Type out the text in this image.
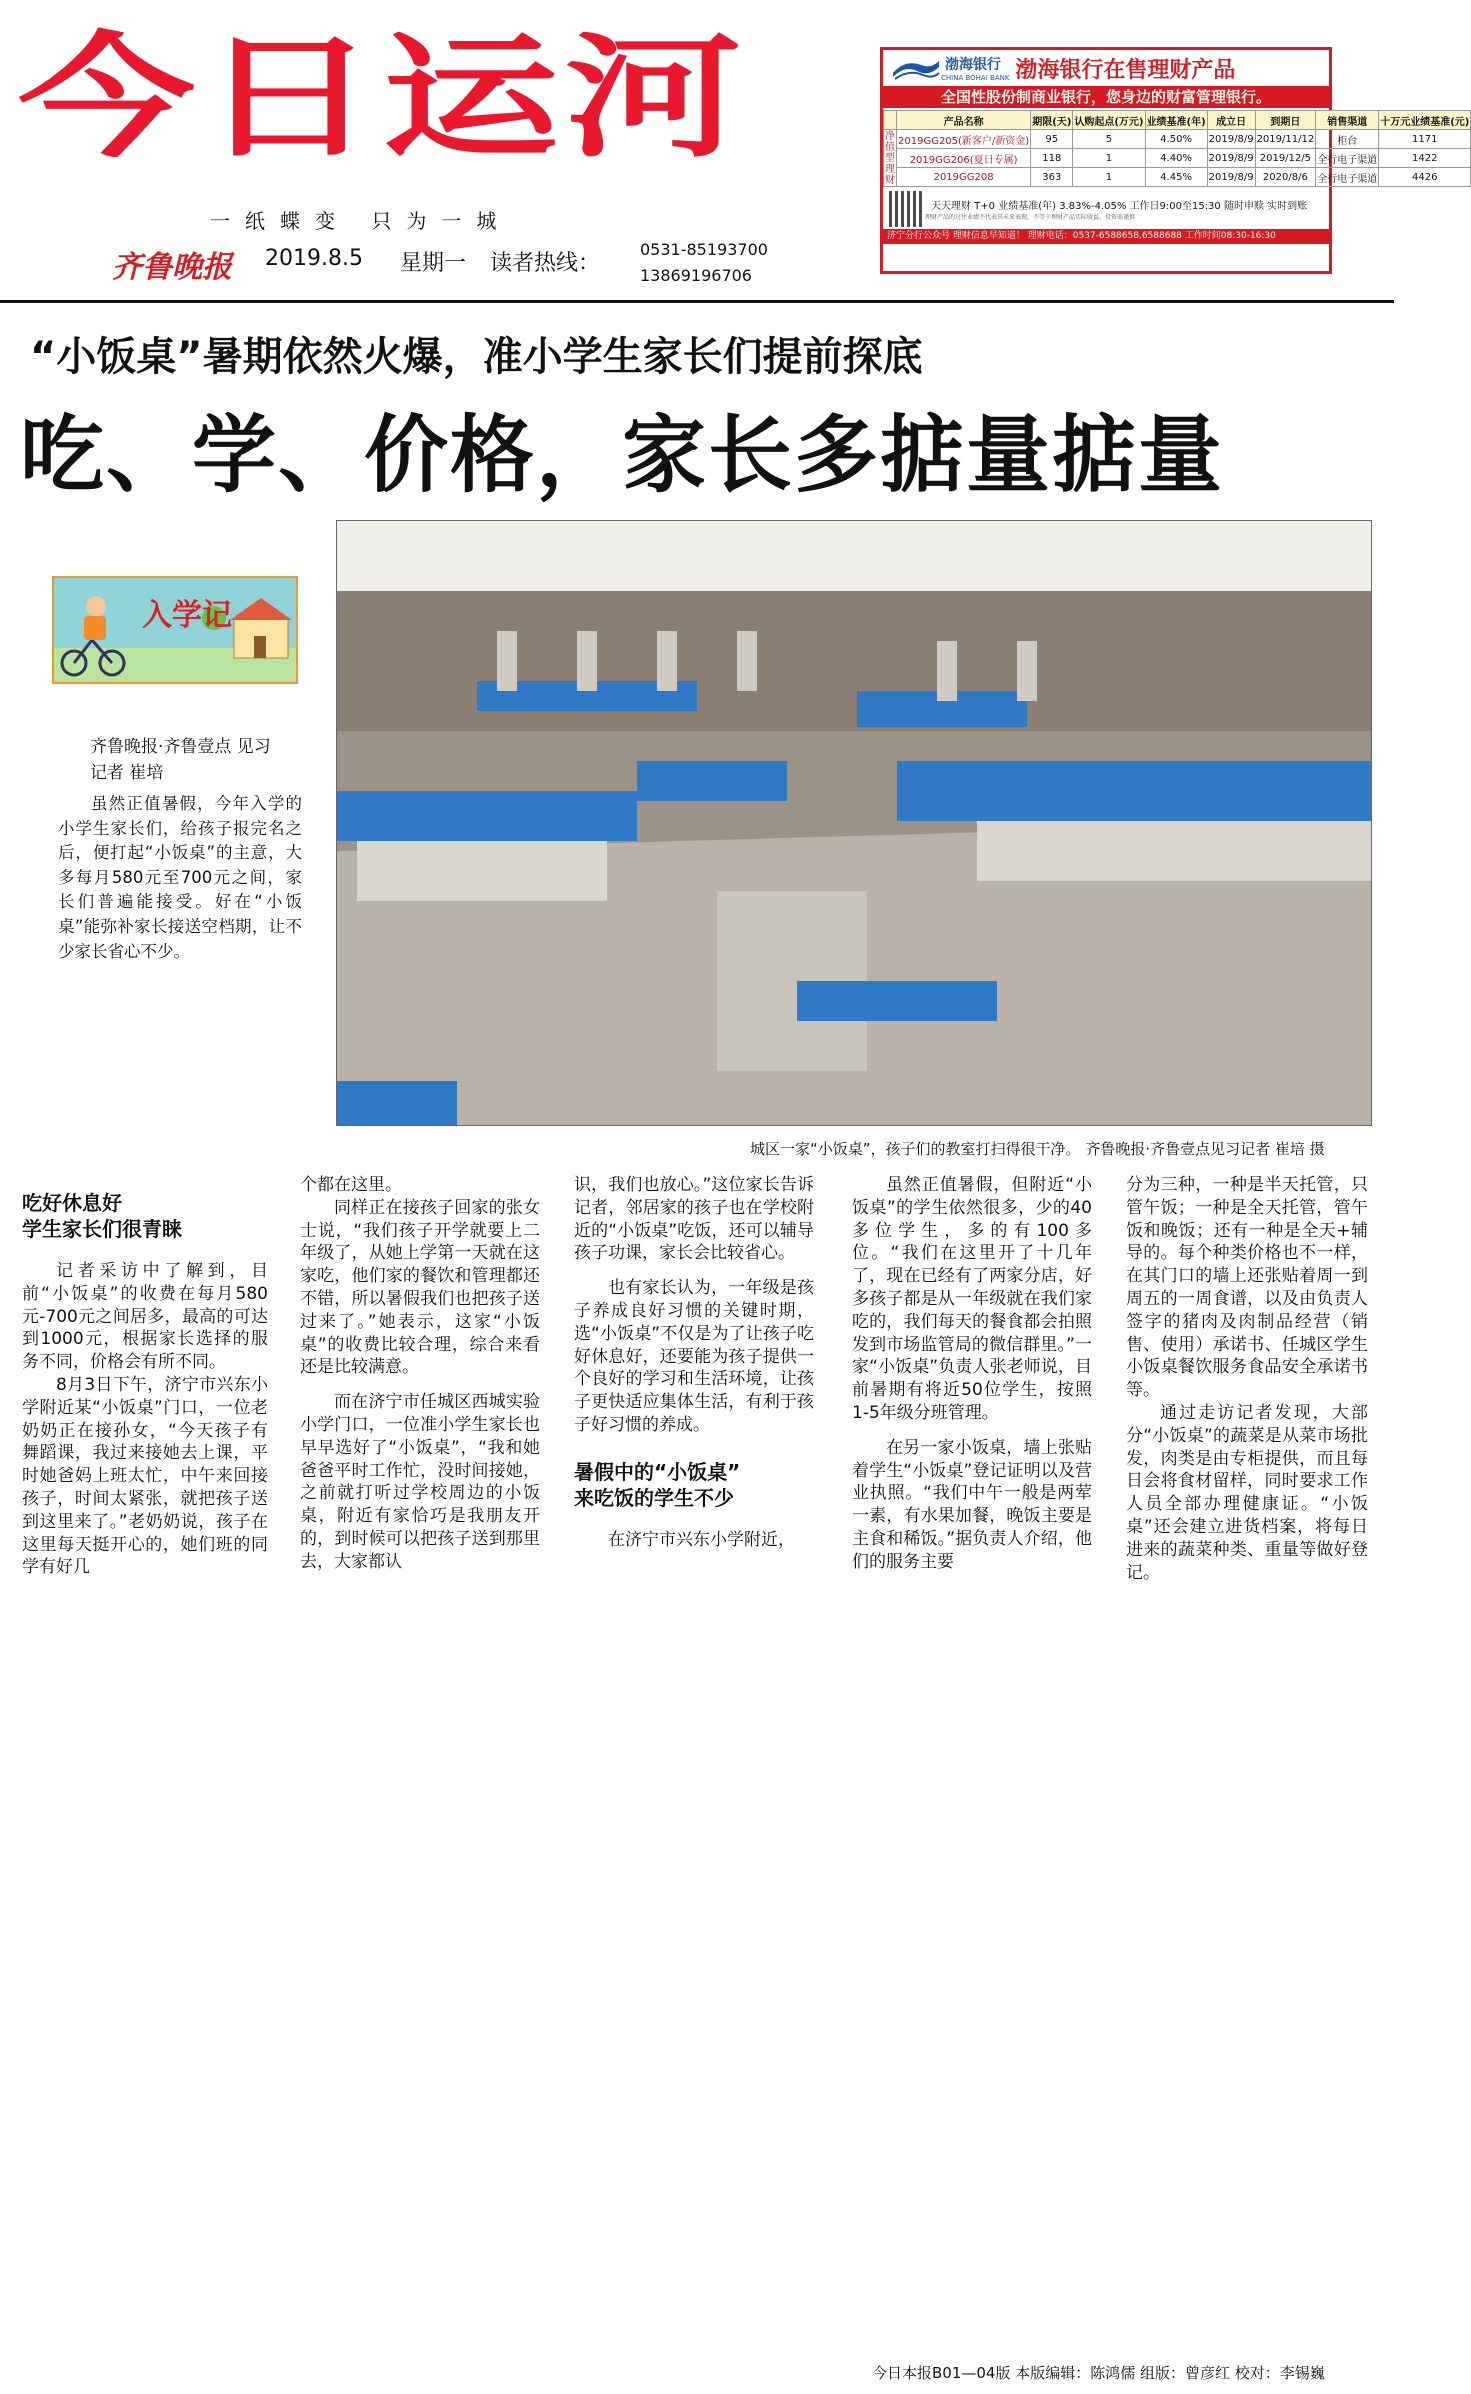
今日运河
一纸蝶变 只为一城
齐鲁晚报 2019.8.5 星期一 读者热线：
0531-85193700
13869196706
渤海银行
CHINA BOHAI BANK 渤海银行在售理财产品
全国性股份制商业银行，您身边的财富管理银行。
	产品名称	期限(天)	认购起点(万元)	业绩基准(年)	成立日	到期日	销售渠道	十万元业绩基准(元)
净值型理财	2019GG205(新客户/新资金)	95	5	4.50%	2019/8/9	2019/11/12	柜台	1171
	2019GG206(夏日专属)	118	1	4.40%	2019/8/9	2019/12/5	全行电子渠道	1422
	2019GG208	363	1	4.45%	2019/8/9	2020/8/6	全行电子渠道	4426
天天理财 T+0 业绩基准(年) 3.83%-4.05% 工作日9:00至15:30 随时申赎 实时到账
理财产品的过往业绩不代表其未来表现，不等于理财产品实际收益，投资需谨慎
济宁分行公众号 理财信息早知道！ 理财电话：0537-6588658,6588688 工作时间08:30-16:30
“小饭桌”暑期依然火爆，准小学生家长们提前探底
吃、学、价格，家长多掂量掂量
入学记
城区一家“小饭桌”，孩子们的教室打扫得很干净。 齐鲁晚报·齐鲁壹点见习记者 崔培 摄
齐鲁晚报·齐鲁壹点 见习
记者 崔培
虽然正值暑假，今年入学的小学生家长们，给孩子报完名之后，便打起“小饭桌”的主意，大多每月580元至700元之间，家长们普遍能接受。好在“小饭桌”能弥补家长接送空档期，让不少家长省心不少。
吃好休息好
学生家长们很青睐

记者采访中了解到，目前“小饭桌”的收费在每月580元-700元之间居多，最高的可达到1000元，根据家长选择的服务不同，价格会有所不同。

8月3日下午，济宁市兴东小学附近某“小饭桌”门口，一位老奶奶正在接孙女，“今天孩子有舞蹈课，我过来接她去上课，平时她爸妈上班太忙，中午来回接孩子，时间太紧张，就把孩子送到这里来了。”老奶奶说，孩子在这里每天挺开心的，她们班的同学有好几

个都在这里。

同样正在接孩子回家的张女士说，“我们孩子开学就要上二年级了，从她上学第一天就在这家吃，他们家的餐饮和管理都还不错，所以暑假我们也把孩子送过来了。”她表示，这家“小饭桌”的收费比较合理，综合来看还是比较满意。

而在济宁市任城区西城实验小学门口，一位准小学生家长也早早选好了“小饭桌”，“我和她爸爸平时工作忙，没时间接她，之前就打听过学校周边的小饭桌，附近有家恰巧是我朋友开的，到时候可以把孩子送到那里去，大家都认

识，我们也放心。”这位家长告诉记者，邻居家的孩子也在学校附近的“小饭桌”吃饭，还可以辅导孩子功课，家长会比较省心。

也有家长认为，一年级是孩子养成良好习惯的关键时期，选“小饭桌”不仅是为了让孩子吃好休息好，还要能为孩子提供一个良好的学习和生活环境，让孩子更快适应集体生活，有利于孩子好习惯的养成。

暑假中的“小饭桌”
来吃饭的学生不少

在济宁市兴东小学附近，

虽然正值暑假，但附近“小饭桌”的学生依然很多，少的40多位学生，多的有100多位。“我们在这里开了十几年了，现在已经有了两家分店，好多孩子都是从一年级就在我们家吃的，我们每天的餐食都会拍照发到市场监管局的微信群里。”一家“小饭桌”负责人张老师说，目前暑期有将近50位学生，按照1-5年级分班管理。

在另一家小饭桌，墙上张贴着学生“小饭桌”登记证明以及营业执照。“我们中午一般是两荤一素，有水果加餐，晚饭主要是主食和稀饭。”据负责人介绍，他们的服务主要

分为三种，一种是半天托管，只管午饭；一种是全天托管，管午饭和晚饭；还有一种是全天+辅导的。每个种类价格也不一样，在其门口的墙上还张贴着周一到周五的一周食谱，以及由负责人签字的猪肉及肉制品经营（销售、使用）承诺书、任城区学生小饭桌餐饮服务食品安全承诺书等。

通过走访记者发现，大部分“小饭桌”的蔬菜是从菜市场批发，肉类是由专柜提供，而且每日会将食材留样，同时要求工作人员全部办理健康证。“小饭桌”还会建立进货档案，将每日进来的蔬菜种类、重量等做好登记。

今日本报B01—04版 本版编辑：陈鸿儒 组版：曾彦红 校对：李锡巍
